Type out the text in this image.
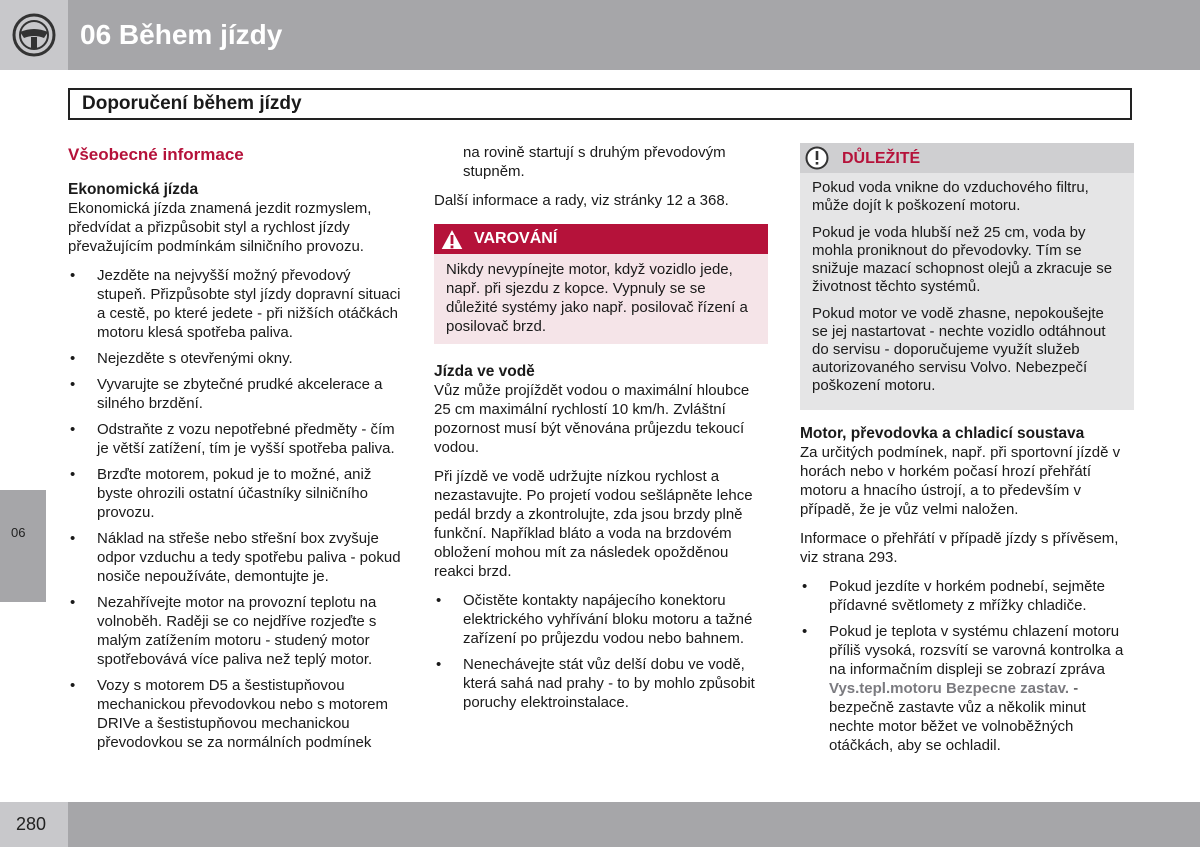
06 Během jízdy
Doporučení během jízdy
06
Všeobecné informace
Ekonomická jízda

Ekonomická jízda znamená jezdit rozmyslem, předvídat a přizpůsobit styl a rychlost jízdy převažujícím podmínkám silničního provozu.

• Jezděte na nejvyšší možný převodový stupeň. Přizpůsobte styl jízdy dopravní situaci a cestě, po které jedete - při nižších otáčkách motoru klesá spotřeba paliva.
• Nejezděte s otevřenými okny.
• Vyvarujte se zbytečné prudké akcelerace a silného brzdění.
• Odstraňte z vozu nepotřebné předměty - čím je větší zatížení, tím je vyšší spotřeba paliva.
• Brzďte motorem, pokud je to možné, aniž byste ohrozili ostatní účastníky silničního provozu.
• Náklad na střeše nebo střešní box zvyšuje odpor vzduchu a tedy spotřebu paliva - pokud nosiče nepoužíváte, demontujte je.
• Nezahřívejte motor na provozní teplotu na volnoběh. Raději se co nejdříve rozjeďte s malým zatížením motoru - studený motor spotřebovává více paliva než teplý motor.
• Vozy s motorem D5 a šestistupňovou mechanickou převodovkou nebo s motorem DRIVe a šestistupňovou mechanickou převodovkou se za normálních podmínek

na rovině startují s druhým převodovým stupněm.

Další informace a rady, viz stránky 12 a 368.

VAROVÁNÍ
Nikdy nevypínejte motor, když vozidlo jede, např. při sjezdu z kopce. Vypnuly se se důležité systémy jako např. posilovač řízení a posilovač brzd.
Jízda ve vodě

Vůz může projíždět vodou o maximální hloubce 25 cm maximální rychlostí 10 km/h. Zvláštní pozornost musí být věnována průjezdu tekoucí vodou.

Při jízdě ve vodě udržujte nízkou rychlost a nezastavujte. Po projetí vodou sešlápněte lehce pedál brzdy a zkontrolujte, zda jsou brzdy plně funkční. Například bláto a voda na brzdovém obložení mohou mít za následek opožděnou reakci brzd.

• Očistěte kontakty napájecího konektoru elektrického vyhřívání bloku motoru a tažné zařízení po průjezdu vodou nebo bahnem.
• Nenechávejte stát vůz delší dobu ve vodě, která sahá nad prahy - to by mohlo způsobit poruchy elektroinstalace.
DŮLEŽITÉ

Pokud voda vnikne do vzduchového filtru, může dojít k poškození motoru.

Pokud je voda hlubší než 25 cm, voda by mohla proniknout do převodovky. Tím se snižuje mazací schopnost olejů a zkracuje se životnost těchto systémů.

Pokud motor ve vodě zhasne, nepokoušejte se jej nastartovat - nechte vozidlo odtáhnout do servisu - doporučujeme využít služeb autorizovaného servisu Volvo. Nebezpečí poškození motoru.

Motor, převodovka a chladicí soustava

Za určitých podmínek, např. při sportovní jízdě v horách nebo v horkém počasí hrozí přehřátí motoru a hnacího ústrojí, a to především v případě, že je vůz velmi naložen.

Informace o přehřátí v případě jízdy s přívěsem, viz strana 293.

• Pokud jezdíte v horkém podnebí, sejměte přídavné světlomety z mřížky chladiče.
• Pokud je teplota v systému chlazení motoru příliš vysoká, rozsvítí se varovná kontrolka a na informačním displeji se zobrazí zpráva Vys.tepl.motoru Bezpecne zastav. - bezpečně zastavte vůz a několik minut nechte motor běžet ve volnoběžných otáčkách, aby se ochladil.
280
